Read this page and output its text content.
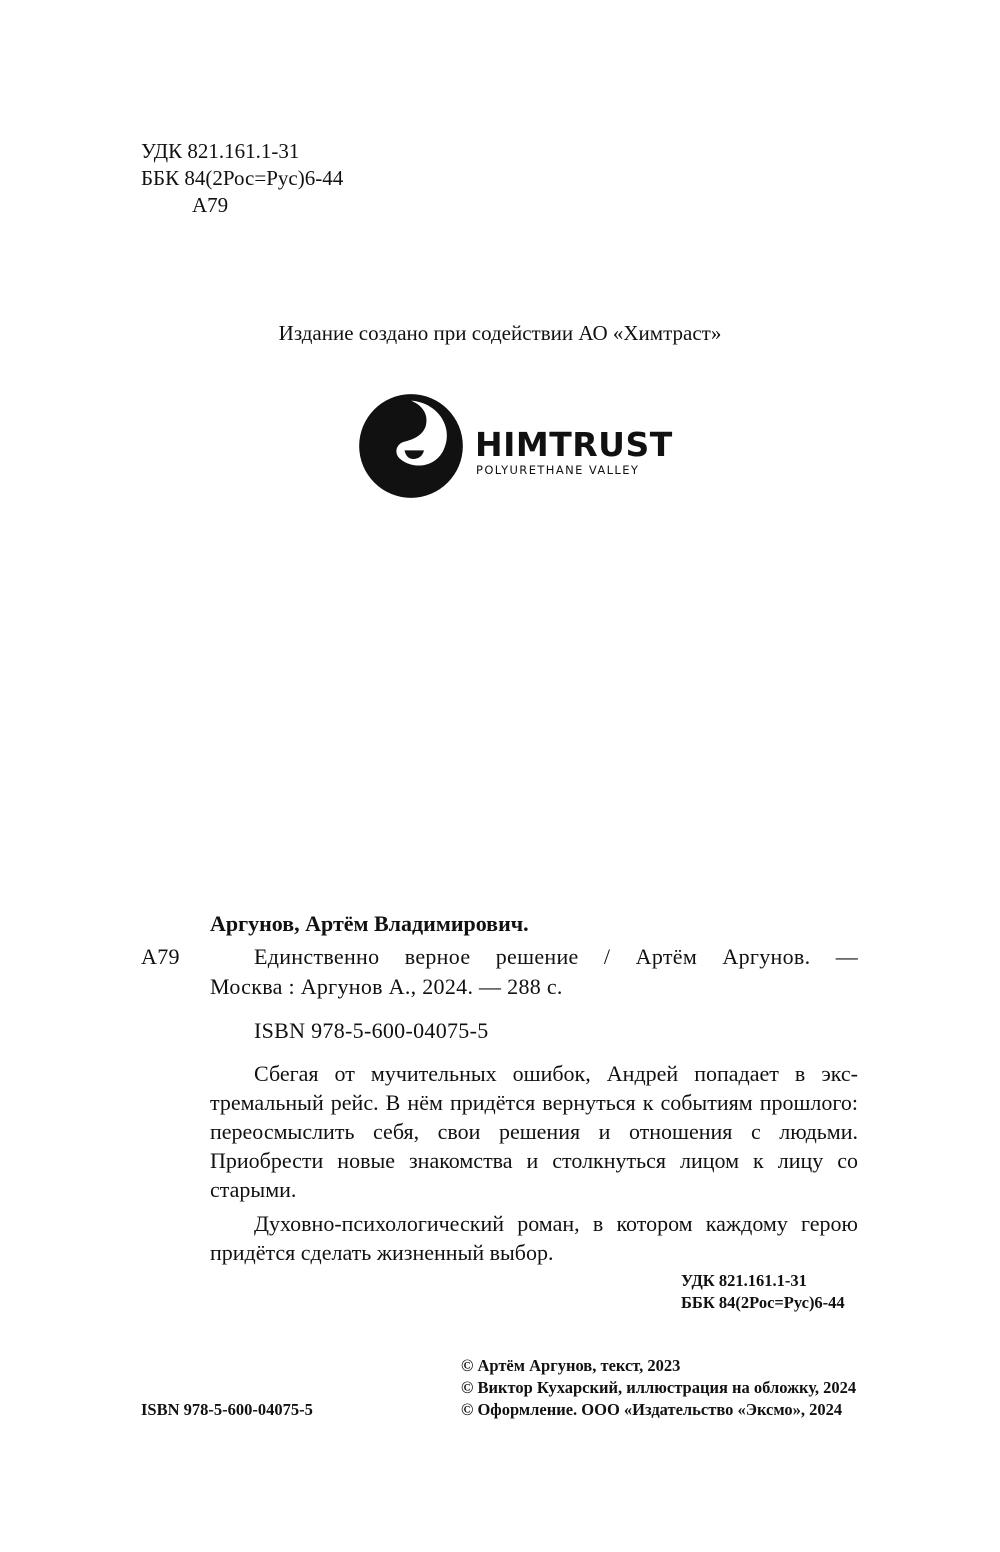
УДК 821.161.1-31
ББК 84(2Рос=Рус)6-44
А79
Издание создано при содействии АО «Химтраст»
HIMTRUST
POLYURETHANE VALLEY
Аргунов, Артём Владимирович.
А79	Единственно верное решение / Артём Аргунов. —
Москва : Аргунов А., 2024. — 288 с.
ISBN 978-5-600-04075-5

Сбегая от мучительных ошибок, Андрей попадает в экстремальный рейс. В нём придётся вернуться к событиям прошлого: переосмыслить себя, свои решения и отношения с людьми. Приобрести новые знакомства и столкнуться лицом к лицу со старыми.

Духовно-психологический роман, в котором каждому герою придётся сделать жизненный выбор.

УДК 821.161.1-31
ББК 84(2Рос=Рус)6-44
© Артём Аргунов, текст, 2023
© Виктор Кухарский, иллюстрация на обложку, 2024
ISBN 978-5-600-04075-5	© Оформление. ООО «Издательство «Эксмо», 2024
